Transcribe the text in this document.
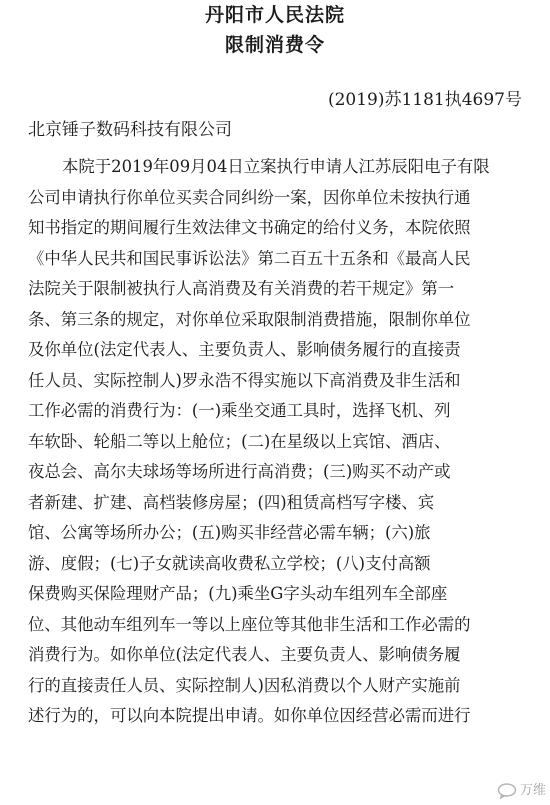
丹阳市人民法院
限制消费令
(2019)苏1181执4697号
北京锤子数码科技有限公司
本院于2019年09月04日立案执行申请人江苏辰阳电子有限
公司申请执行你单位买卖合同纠纷一案，因你单位未按执行通
知书指定的期间履行生效法律文书确定的给付义务，本院依照
《中华人民共和国民事诉讼法》第二百五十五条和《最高人民
法院关于限制被执行人高消费及有关消费的若干规定》第一
条、第三条的规定，对你单位采取限制消费措施，限制你单位
及你单位(法定代表人、主要负责人、影响债务履行的直接责
任人员、实际控制人)罗永浩不得实施以下高消费及非生活和
工作必需的消费行为：(一)乘坐交通工具时，选择飞机、列
车软卧、轮船二等以上舱位；(二)在星级以上宾馆、酒店、
夜总会、高尔夫球场等场所进行高消费；(三)购买不动产或
者新建、扩建、高档装修房屋；(四)租赁高档写字楼、宾
馆、公寓等场所办公；(五)购买非经营必需车辆；(六)旅
游、度假；(七)子女就读高收费私立学校；(八)支付高额
保费购买保险理财产品；(九)乘坐G字头动车组列车全部座
位、其他动车组列车一等以上座位等其他非生活和工作必需的
消费行为。如你单位(法定代表人、主要负责人、影响债务履
行的直接责任人员、实际控制人)因私消费以个人财产实施前
述行为的，可以向本院提出申请。如你单位因经营必需而进行
万维
